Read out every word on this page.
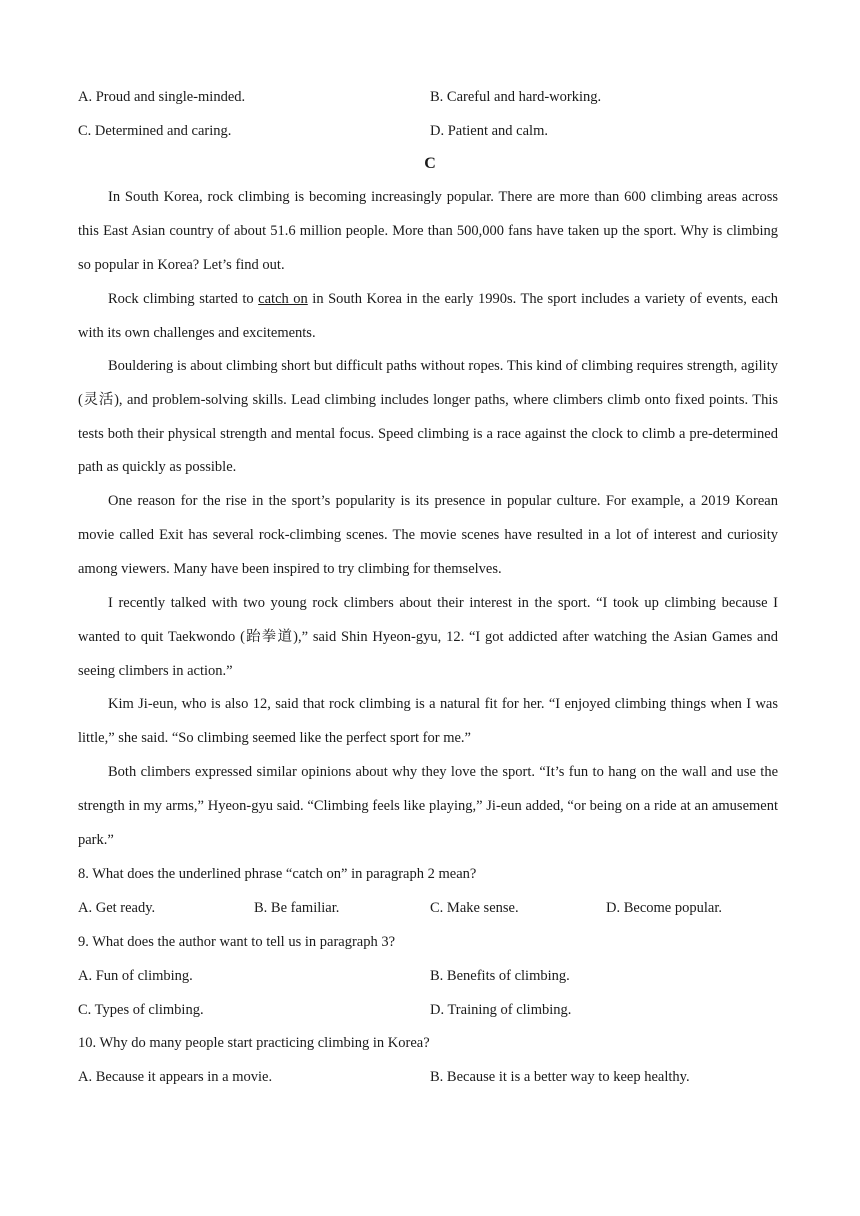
A. Proud and single-minded.	B. Careful and hard-working.
C. Determined and caring.	D. Patient and calm.
C
In South Korea, rock climbing is becoming increasingly popular. There are more than 600 climbing areas across this East Asian country of about 51.6 million people. More than 500,000 fans have taken up the sport. Why is climbing so popular in Korea? Let’s find out.
Rock climbing started to catch on in South Korea in the early 1990s. The sport includes a variety of events, each with its own challenges and excitements.
Bouldering is about climbing short but difficult paths without ropes. This kind of climbing requires strength, agility (灵活), and problem-solving skills. Lead climbing includes longer paths, where climbers climb onto fixed points. This tests both their physical strength and mental focus. Speed climbing is a race against the clock to climb a pre-determined path as quickly as possible.
One reason for the rise in the sport’s popularity is its presence in popular culture. For example, a 2019 Korean movie called Exit has several rock-climbing scenes. The movie scenes have resulted in a lot of interest and curiosity among viewers. Many have been inspired to try climbing for themselves.
I recently talked with two young rock climbers about their interest in the sport. “I took up climbing because I wanted to quit Taekwondo (跆拳道),” said Shin Hyeon-gyu, 12. “I got addicted after watching the Asian Games and seeing climbers in action.”
Kim Ji-eun, who is also 12, said that rock climbing is a natural fit for her. “I enjoyed climbing things when I was little,” she said. “So climbing seemed like the perfect sport for me.”
Both climbers expressed similar opinions about why they love the sport. “It’s fun to hang on the wall and use the strength in my arms,” Hyeon-gyu said. “Climbing feels like playing,” Ji-eun added, “or being on a ride at an amusement park.”
8. What does the underlined phrase “catch on” in paragraph 2 mean?
A. Get ready.	B. Be familiar.	C. Make sense.	D. Become popular.
9. What does the author want to tell us in paragraph 3?
A. Fun of climbing.	B. Benefits of climbing.
C. Types of climbing.	D. Training of climbing.
10. Why do many people start practicing climbing in Korea?
A. Because it appears in a movie.	B. Because it is a better way to keep healthy.
